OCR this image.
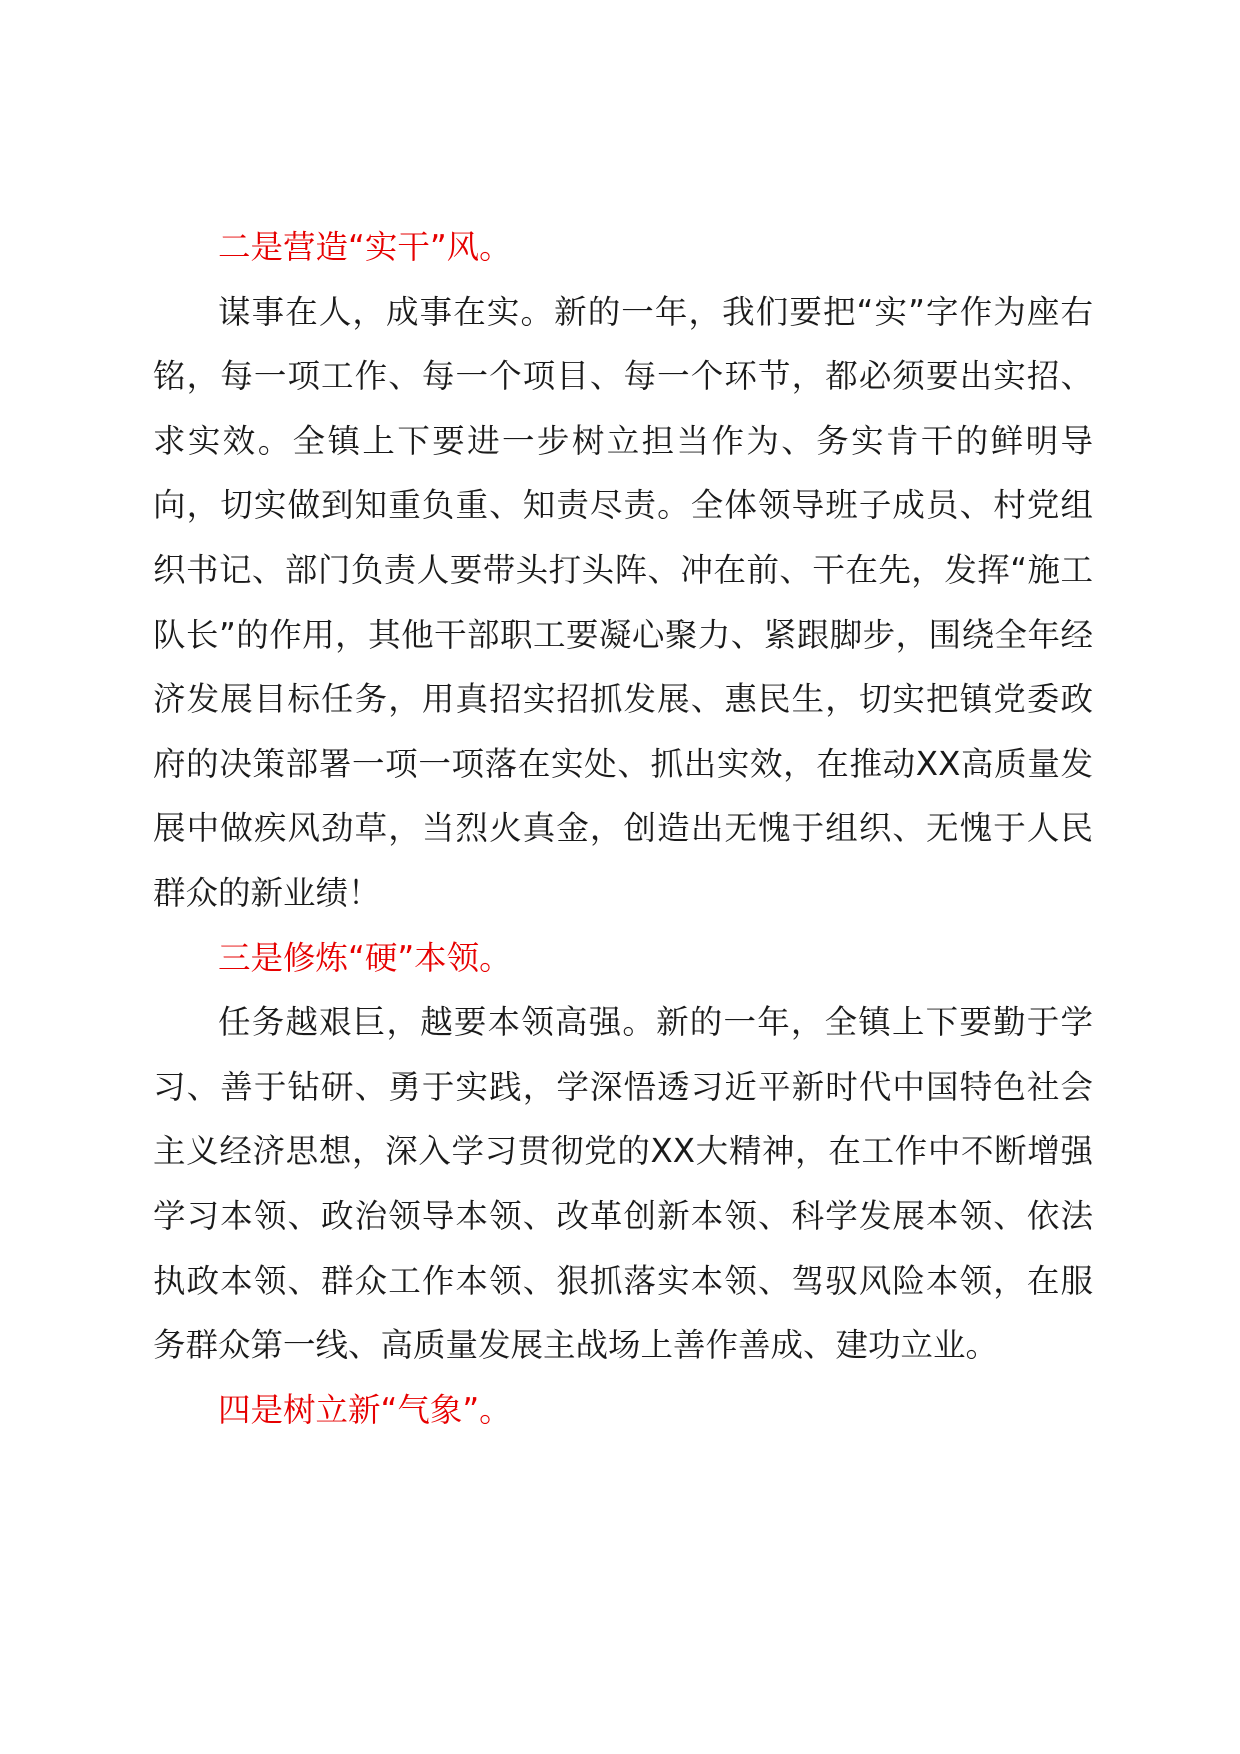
二是营造“实干”风。

谋事在人，成事在实。新的一年，我们要把“实”字作为座右铭，每一项工作、每一个项目、每一个环节，都必须要出实招、求实效。全镇上下要进一步树立担当作为、务实肯干的鲜明导向，切实做到知重负重、知责尽责。全体领导班子成员、村党组织书记、部门负责人要带头打头阵、冲在前、干在先，发挥“施工队长”的作用，其他干部职工要凝心聚力、紧跟脚步，围绕全年经济发展目标任务，用真招实招抓发展、惠民生，切实把镇党委政府的决策部署一项一项落在实处、抓出实效，在推动XX高质量发展中做疾风劲草，当烈火真金，创造出无愧于组织、无愧于人民群众的新业绩！

三是修炼“硬”本领。

任务越艰巨，越要本领高强。新的一年，全镇上下要勤于学习、善于钻研、勇于实践，学深悟透习近平新时代中国特色社会主义经济思想，深入学习贯彻党的XX大精神，在工作中不断增强学习本领、政治领导本领、改革创新本领、科学发展本领、依法执政本领、群众工作本领、狠抓落实本领、驾驭风险本领，在服务群众第一线、高质量发展主战场上善作善成、建功立业。

四是树立新“气象”。
